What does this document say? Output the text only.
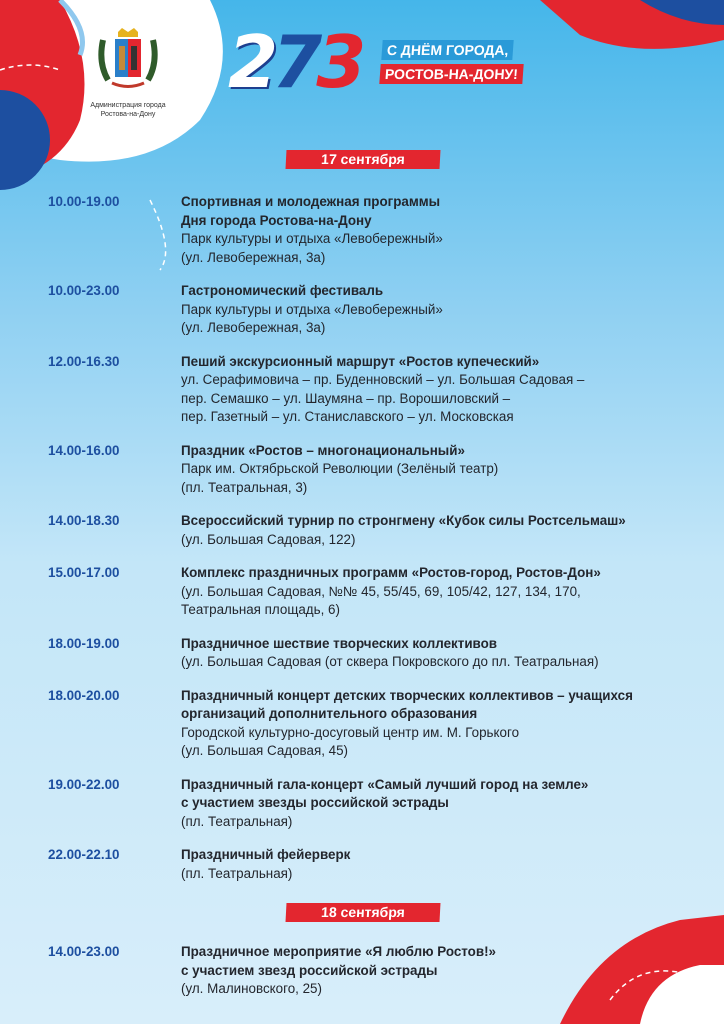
Администрация города
Ростова-на-Дону
273	С ДНЁМ ГОРОДА,
РОСТОВ-НА-ДОНУ!
17 сентября
18 сентября
10.00-19.00	Спортивная и молодежная программы
Дня города Ростова-на-Дону
Парк культуры и отдыха «Левобережный»
(ул. Левобережная, 3а)
10.00-23.00	Гастрономический фестиваль
Парк культуры и отдыха «Левобережный»
(ул. Левобережная, 3а)
12.00-16.30	Пеший экскурсионный маршрут «Ростов купеческий»
ул. Серафимовича – пр. Буденновский – ул. Большая Садовая –
пер. Семашко – ул. Шаумяна – пр. Ворошиловский –
пер. Газетный – ул. Станиславского – ул. Московская
14.00-16.00	Праздник «Ростов – многонациональный»
Парк им. Октябрьской Революции (Зелёный театр)
(пл. Театральная, 3)
14.00-18.30	Всероссийский турнир по стронгмену «Кубок силы Ростсельмаш»
(ул. Большая Садовая, 122)
15.00-17.00	Комплекс праздничных программ «Ростов-город, Ростов-Дон»
(ул. Большая Садовая, №№ 45, 55/45, 69, 105/42, 127, 134, 170,
Театральная площадь, 6)
18.00-19.00	Праздничное шествие творческих коллективов
(ул. Большая Садовая (от сквера Покровского до пл. Театральная)
18.00-20.00	Праздничный концерт детских творческих коллективов – учащихся
организаций дополнительного образования
Городской культурно-досуговый центр им. М. Горького
(ул. Большая Садовая, 45)
19.00-22.00	Праздничный гала-концерт «Самый лучший город на земле»
с участием звезды российской эстрады
(пл. Театральная)
22.00-22.10	Праздничный фейерверк
(пл. Театральная)
14.00-23.00	Праздничное мероприятие «Я люблю Ростов!»
с участием звезд российской эстрады
(ул. Малиновского, 25)
